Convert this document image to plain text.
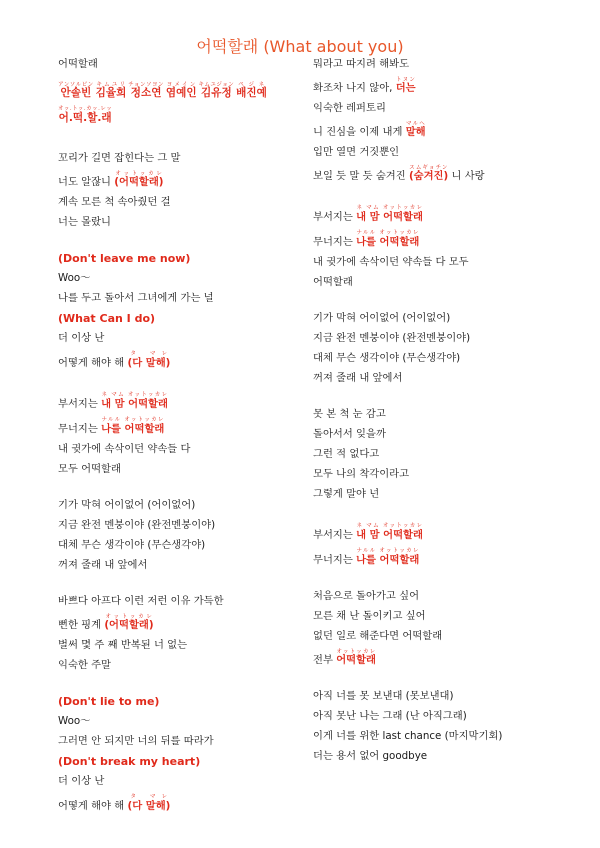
어떡할래 (What about you)
어떡할래
안솔빈アンソルビン 김율희キムユリ 정소연チョンソヨン 염예인ヨメイン 김유정キムユジョン 배진예ペジネ
어.떡.할.래オッ.トッ.カッ.レッ
꼬리가 길면 잡힌다는 그 말
너도 알잖니 (어떡할래)オットッカレ
계속 모른 척 속아줬던 걸
너는 몰랐니
(Don't leave me now)
Woo～
나를 두고 돌아서 그녀에게 가는 널
(What Can I do)
더 이상 난
어떻게 해야 해 (다 말해)タ マレ
부서지는 내 맘 어떡할래ネ マム オットッカレ
무너지는 나를 어떡할래ナルル オットッカレ
내 귓가에 속삭이던 약속들 다
모두 어떡할래
기가 막혀 어이없어 (어이없어)
지금 완전 멘붕이야 (완전멘붕이야)
대체 무슨 생각이야 (무슨생각야)
꺼져 줄래 내 앞에서
바쁘다 아프다 이런 저런 이유 가득한
뻔한 핑계 (어떡할래)オットッカレ
벌써 몇 주 째 반복된 너 없는
익숙한 주말
(Don't lie to me)
Woo～
그러면 안 되지만 너의 뒤를 따라가
(Don't break my heart)
더 이상 난
어떻게 해야 해 (다 말해)タ マレ
뭐라고 따지려 해봐도
화조차 나지 않아, 더는トヌン
익숙한 레퍼토리
니 진심을 이제 내게 말해マルヘ
입만 열면 거짓뿐인
보일 듯 말 듯 숨겨진 (숨겨진)スムギョチン 니 사랑
부서지는 내 맘 어떡할래ネ マム オットッカレ
무너지는 나를 어떡할래ナルル オットッカレ
내 귓가에 속삭이던 약속들 다 모두
어떡할래
기가 막혀 어이없어 (어이없어)
지금 완전 멘붕이야 (완전멘붕이야)
대체 무슨 생각이야 (무슨생각야)
꺼져 줄래 내 앞에서
못 본 척 눈 감고
돌아서서 잊을까
그런 적 없다고
모두 나의 착각이라고
그렇게 말야 넌
부서지는 내 맘 어떡할래ネ マム オットッカレ
무너지는 나를 어떡할래ナルル オットッカレ
처음으로 돌아가고 싶어
모른 채 난 돌이키고 싶어
없던 일로 해준다면 어떡할래
전부 어떡할래オットッカレ
아직 너를 못 보낸대 (못보낸대)
아직 못난 나는 그래 (난 아직그래)
이게 너를 위한 last chance (마지막기회)
더는 용서 없어 goodbye
